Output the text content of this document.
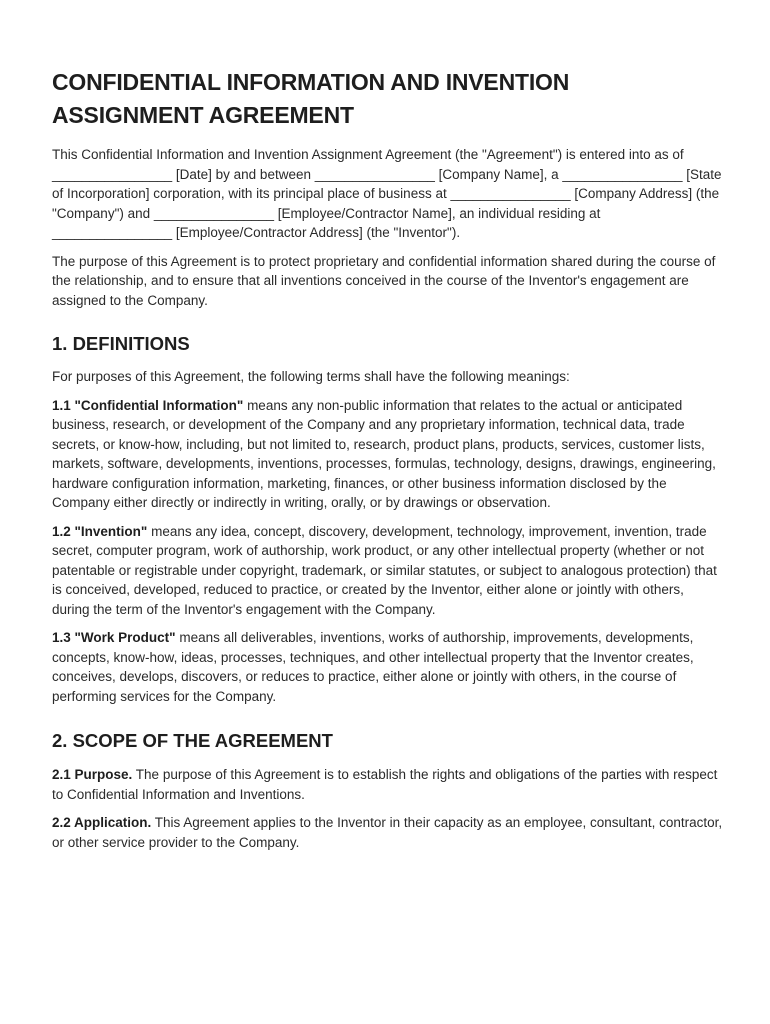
CONFIDENTIAL INFORMATION AND INVENTION ASSIGNMENT AGREEMENT

This Confidential Information and Invention Assignment Agreement (the "Agreement") is entered into as of ________________ [Date] by and between ________________ [Company Name], a ________________ [State of Incorporation] corporation, with its principal place of business at ________________ [Company Address] (the "Company") and ________________ [Employee/Contractor Name], an individual residing at ________________ [Employee/Contractor Address] (the "Inventor").

The purpose of this Agreement is to protect proprietary and confidential information shared during the course of the relationship, and to ensure that all inventions conceived in the course of the Inventor's engagement are assigned to the Company.

1. DEFINITIONS

For purposes of this Agreement, the following terms shall have the following meanings:

1.1 "Confidential Information" means any non-public information that relates to the actual or anticipated business, research, or development of the Company and any proprietary information, technical data, trade secrets, or know-how, including, but not limited to, research, product plans, products, services, customer lists, markets, software, developments, inventions, processes, formulas, technology, designs, drawings, engineering, hardware configuration information, marketing, finances, or other business information disclosed by the Company either directly or indirectly in writing, orally, or by drawings or observation.

1.2 "Invention" means any idea, concept, discovery, development, technology, improvement, invention, trade secret, computer program, work of authorship, work product, or any other intellectual property (whether or not patentable or registrable under copyright, trademark, or similar statutes, or subject to analogous protection) that is conceived, developed, reduced to practice, or created by the Inventor, either alone or jointly with others, during the term of the Inventor's engagement with the Company.

1.3 "Work Product" means all deliverables, inventions, works of authorship, improvements, developments, concepts, know-how, ideas, processes, techniques, and other intellectual property that the Inventor creates, conceives, develops, discovers, or reduces to practice, either alone or jointly with others, in the course of performing services for the Company.

2. SCOPE OF THE AGREEMENT

2.1 Purpose. The purpose of this Agreement is to establish the rights and obligations of the parties with respect to Confidential Information and Inventions.

2.2 Application. This Agreement applies to the Inventor in their capacity as an employee, consultant, contractor, or other service provider to the Company.
